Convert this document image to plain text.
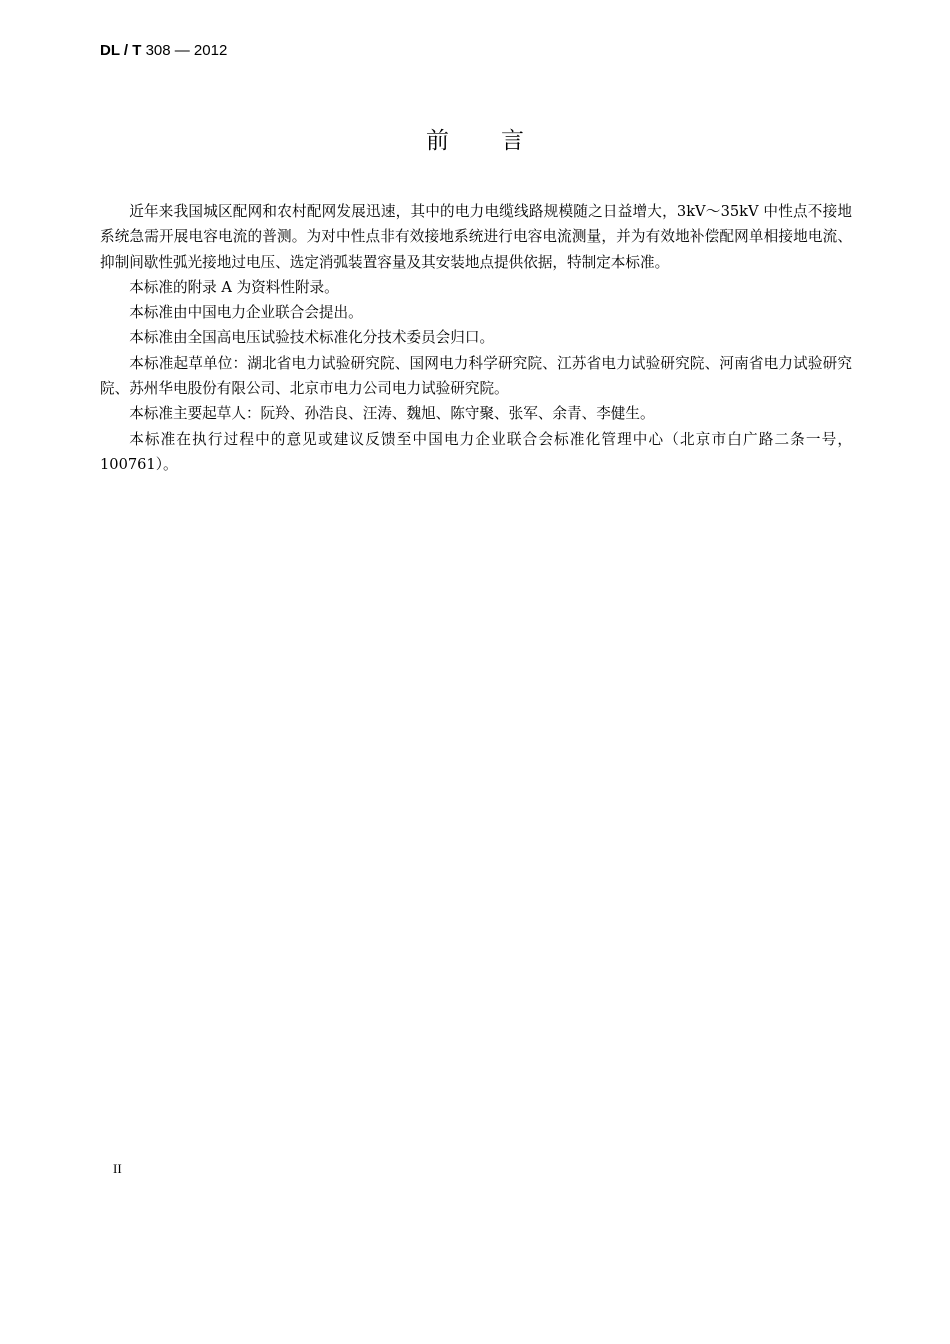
DL / T 308 — 2012
前言

近年来我国城区配网和农村配网发展迅速，其中的电力电缆线路规模随之日益增大，3kV～35kV 中性点不接地系统急需开展电容电流的普测。为对中性点非有效接地系统进行电容电流测量，并为有效地补偿配网单相接地电流、抑制间歇性弧光接地过电压、选定消弧装置容量及其安装地点提供依据，特制定本标准。

本标准的附录 A 为资料性附录。

本标准由中国电力企业联合会提出。

本标准由全国高电压试验技术标准化分技术委员会归口。

本标准起草单位：湖北省电力试验研究院、国网电力科学研究院、江苏省电力试验研究院、河南省电力试验研究院、苏州华电股份有限公司、北京市电力公司电力试验研究院。

本标准主要起草人：阮羚、孙浩良、汪涛、魏旭、陈守聚、张军、余青、李健生。

本标准在执行过程中的意见或建议反馈至中国电力企业联合会标准化管理中心（北京市白广路二条一号，100761）。

II
